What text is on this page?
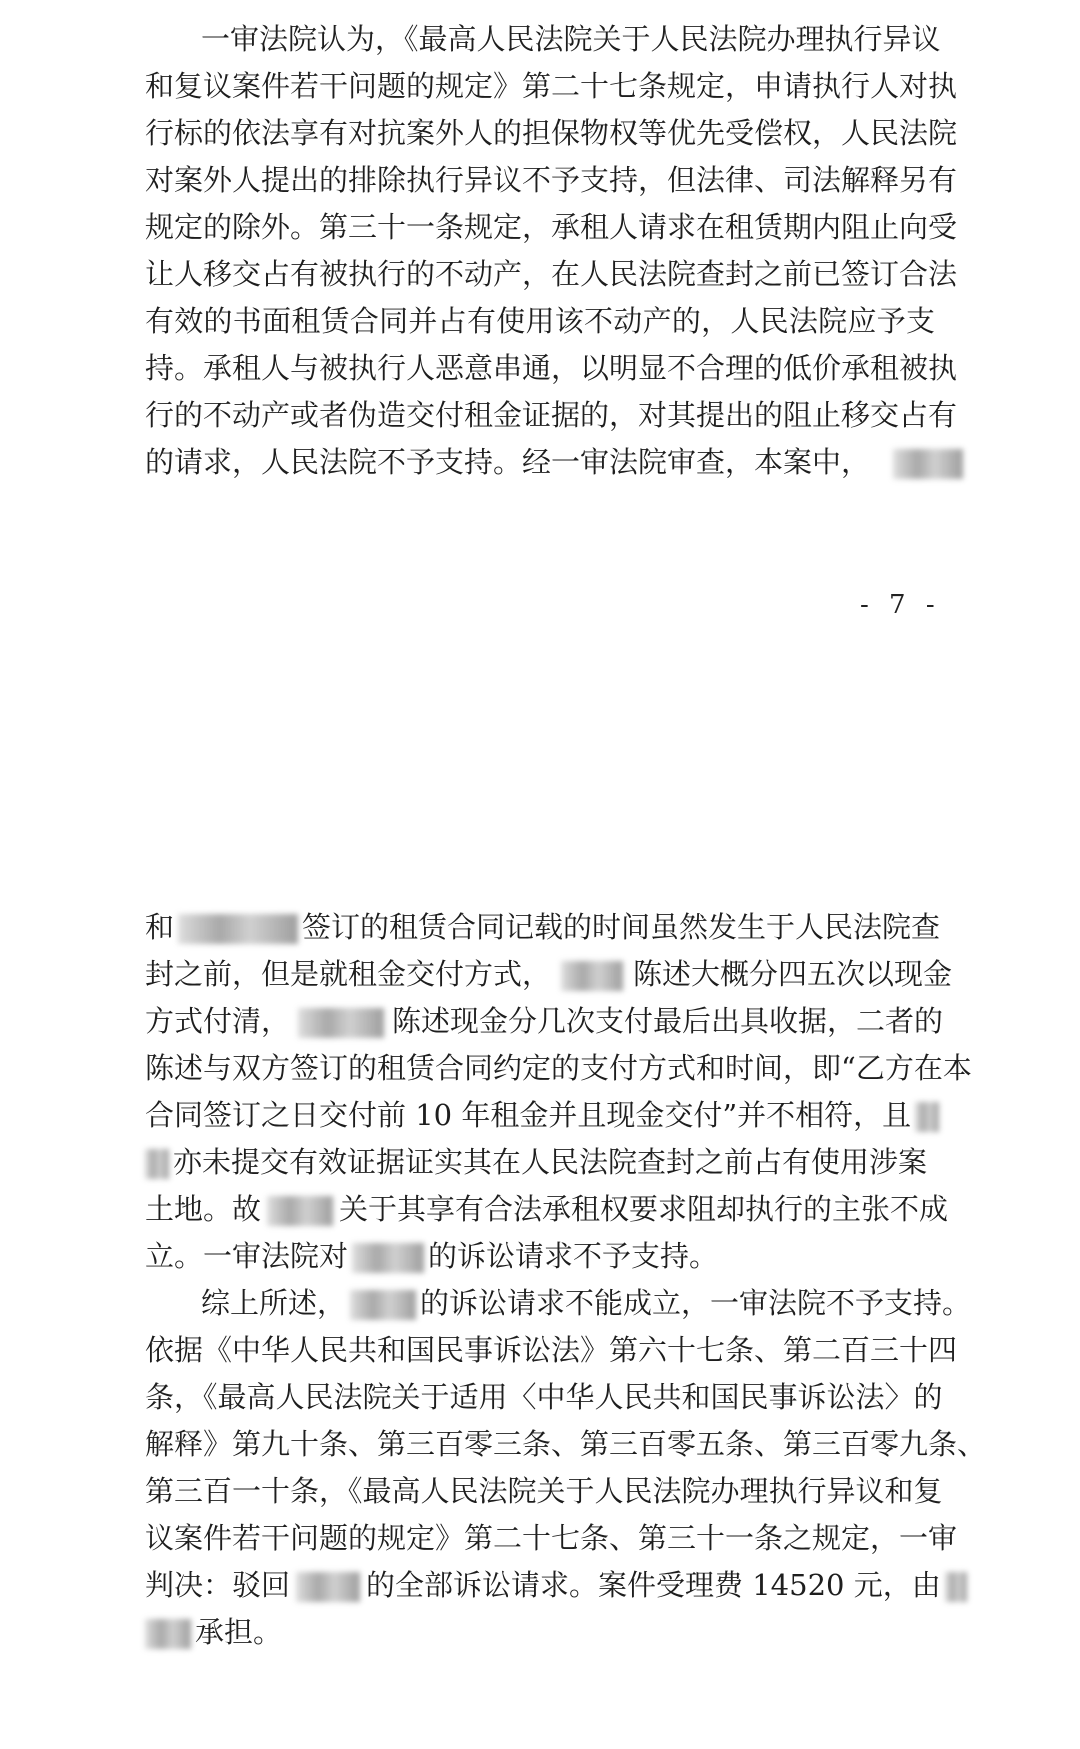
一审法院认为，《最高人民法院关于人民法院办理执行异议
和复议案件若干问题的规定》第二十七条规定，申请执行人对执
行标的依法享有对抗案外人的担保物权等优先受偿权，人民法院
对案外人提出的排除执行异议不予支持，但法律、司法解释另有
规定的除外。第三十一条规定，承租人请求在租赁期内阻止向受
让人移交占有被执行的不动产，在人民法院查封之前已签订合法
有效的书面租赁合同并占有使用该不动产的，人民法院应予支
持。承租人与被执行人恶意串通，以明显不合理的低价承租被执
行的不动产或者伪造交付租金证据的，对其提出的阻止移交占有
的请求，人民法院不予支持。经一审法院审查，本案中，
- 7 -
和	签订的租赁合同记载的时间虽然发生于人民法院查
封之前，但是就租金交付方式，	陈述大概分四五次以现金
方式付清，	陈述现金分几次支付最后出具收据，二者的
陈述与双方签订的租赁合同约定的支付方式和时间，即“乙方在本
合同签订之日交付前 10 年租金并且现金交付”并不相符，且
亦未提交有效证据证实其在人民法院查封之前占有使用涉案
土地。故	关于其享有合法承租权要求阻却执行的主张不成
立。一审法院对	的诉讼请求不予支持。
综上所述，	的诉讼请求不能成立，一审法院不予支持。
依据《中华人民共和国民事诉讼法》第六十七条、第二百三十四
条，《最高人民法院关于适用〈中华人民共和国民事诉讼法〉的
解释》第九十条、第三百零三条、第三百零五条、第三百零九条、
第三百一十条，《最高人民法院关于人民法院办理执行异议和复
议案件若干问题的规定》第二十七条、第三十一条之规定，一审
判决：驳回	的全部诉讼请求。案件受理费 14520 元，由
承担。
